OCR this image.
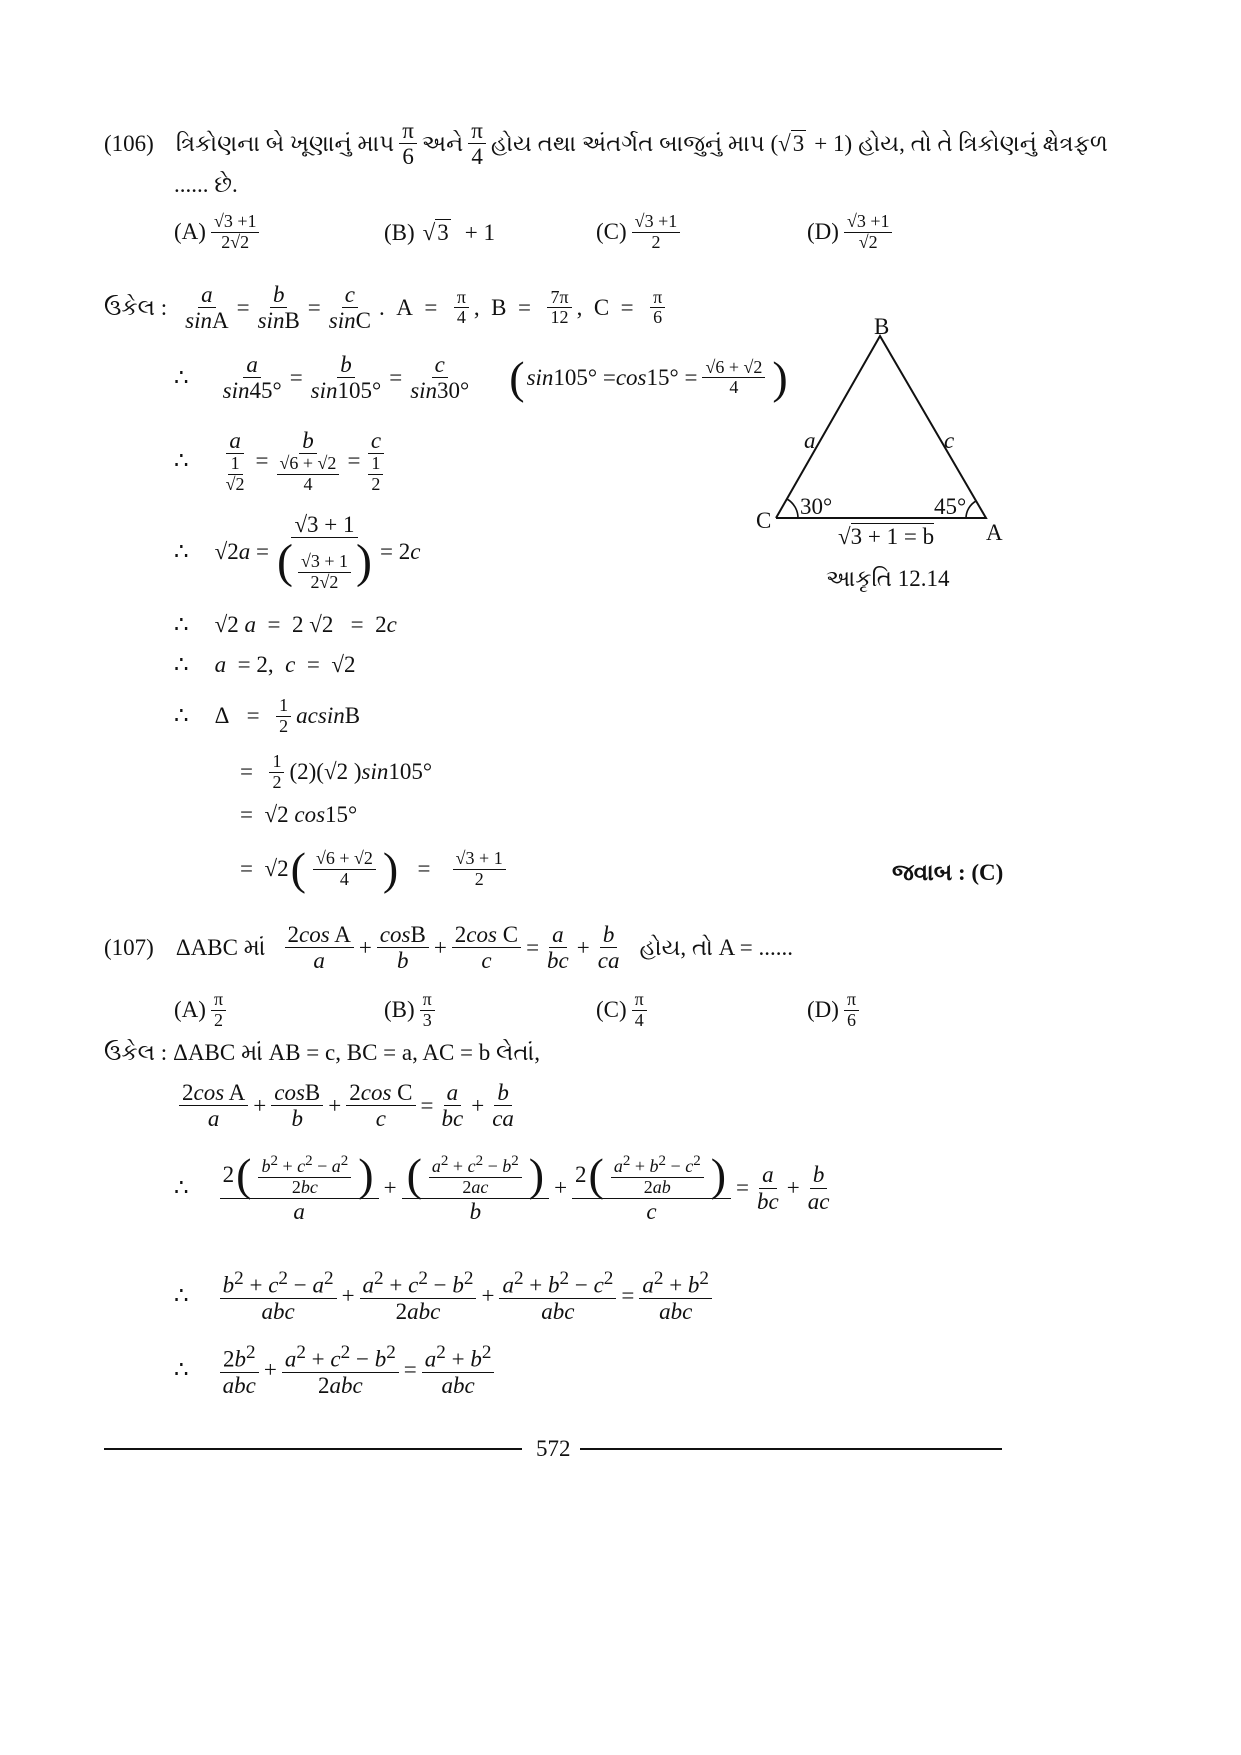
(106) ત્રિકોણના બે ખૂણાનું માપ $\frac{\pi}{6}$ અને $\frac{\pi}{4}$ હોય તથા અંતર્ગત બાજુનું માપ ( √3 + 1) હોય, તો તે ત્રિકોણનું ક્ષેત્રફળ
...... છે.
$(A) \frac{√3 +1}{2√2}$	(B) √3 + 1	$(C) \frac{√3 +1}{2}$	$(D) \frac{√3 +1}{√2}$
ઉકેલ : $\frac{a}{\sin A} = \frac{b}{\sin B} = \frac{c}{\sin C}$ .  $A = \frac{\pi}{4}$ ,  $B = \frac{7\pi}{12}$ ,  $C = \frac{\pi}{6}$
∴ $\frac{a}{\sin 45^\circ} = \frac{b}{\sin 105^\circ} = \frac{c}{\sin 30^\circ}$ ( $\sin 105^\circ = \cos 15^\circ = \frac{√6 + √2}{4}$ )
∴ $\frac{a}{\frac{1}{√2}} = \frac{b}{\frac{√6 + √2}{4}} = \frac{c}{\frac{1}{2}}$
∴ √2 $a = \frac{√3 + 1}{( \frac{√3 + 1}{2√2} )} = 2$ c
∴ √2 a =  2 √2   =  2 c
∴ a = 2, c =  √2
∴ $\Delta = \frac{1}{2}$ acsin B
= $\frac{1}{2} (2)(√2$ ) sin 105°
=  √2 cos 15°
=  √2 ( $\frac{√6 + √2}{4}$ ) = $\frac{√3 + 1}{2}$	જવાબ : (C)
B
C	A
a	c
30°	45°
√3 + 1 = b
આકૃતિ 12.14
(107) ΔABC માં $\frac{\text{2cos A}}{a} + \frac{\cos B}{b} + \frac{\text{2cos C}}{c} = \frac{a}{bc} + \frac{b}{ca}$ હોય, તો A = ......
$(A) \frac{\pi}{2}$	$(B) \frac{\pi}{3}$	$(C) \frac{\pi}{4}$	$(D) \frac{\pi}{6}$
ઉકેલ : ΔABC માં AB = c, BC = a, AC = b લેતાં,
$\frac{\text{2cos A}}{a} + \frac{\cos B}{b} + \frac{\text{2cos C}}{c} = \frac{a}{bc} + \frac{b}{ca}$
∴ $\frac{2 ( \frac{b^2 + c^2 - a^2}{2bc} )}{a} + \frac{( \frac{a^2 + c^2 - b^2}{2ac} )}{b} + \frac{2 ( \frac{a^2 + b^2 - c^2}{2ab} )}{c} = \frac{a}{bc} + \frac{b}{ac}$
∴ $\frac{b^2 + c^2 - a^2}{\text{abc}} + \frac{a^2 + c^2 - b^2}{\text{2abc}} + \frac{a^2 + b^2 - c^2}{\text{abc}} = \frac{a^2 + b^2}{\text{abc}}$
∴ $\frac{2b^2}{\text{abc}} + \frac{a^2 + c^2 - b^2}{\text{2abc}} = \frac{a^2 + b^2}{\text{abc}}$
572
